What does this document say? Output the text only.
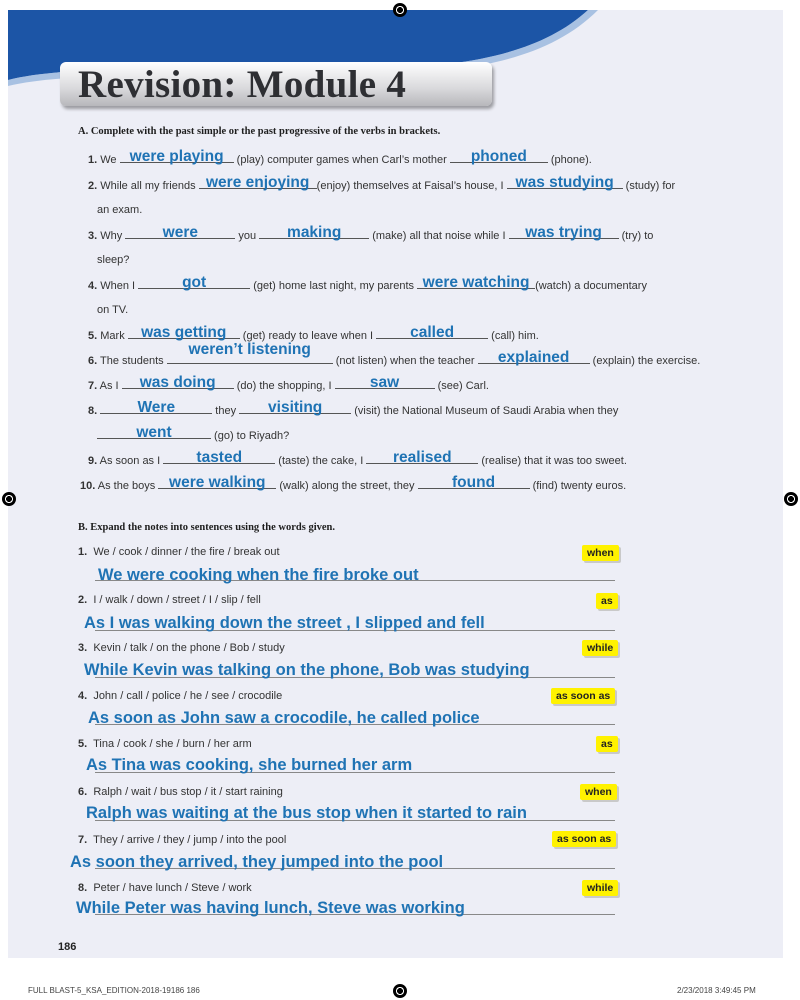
Revision: Module 4
A. Complete with the past simple or the past progressive of the verbs in brackets.
1. We were playing (play) computer games when Carl’s mother	phoned	(phone).
2. While all my friends were enjoying (enjoy) themselves at Faisal’s house, I was studying (study) for
an exam.
3. Why	were	you	making	(make) all that noise while I	was trying	(try) to
sleep?
4. When I	got	(get) home last night, my parents were watching (watch) a documentary
on TV.
5. Mark was getting	(get) ready to leave when I	called	(call) him.
6. The students
weren’t listening
(not listen) when the teacher	explained	(explain) the exercise.
7. As I	was doing	(do) the shopping, I	saw	(see) Carl.
8.	Were	they	visiting	(visit) the National Museum of Saudi Arabia when they
went	(go) to Riyadh?
9. As soon as I	tasted	(taste) the cake, I	realised	(realise) that it was too sweet.
10. As the boys were walking (walk) along the street, they	found	(find) twenty euros.
B. Expand the notes into sentences using the words given.
1. We / cook / dinner / the fire / break out	when
We were cooking when the fire broke out
2. I / walk / down / street / I / slip / fell	as
As I was walking down the street , I slipped and fell
3. Kevin / talk / on the phone / Bob / study	while
While Kevin was talking on the phone, Bob was studying
4. John / call / police / he / see / crocodile	as soon as
As soon as John saw a crocodile, he called police
5. Tina / cook / she / burn / her arm	as
As Tina was cooking, she burned her arm
6. Ralph / wait / bus stop / it / start raining	when
Ralph was waiting at the bus stop when it started to rain
7. They / arrive / they / jump / into the pool	as soon as
As soon they arrived, they jumped into the pool
8. Peter / have lunch / Steve / work	while
While Peter was having lunch, Steve was working
186
FULL BLAST-5_KSA_EDITION-2018-19186 186	2/23/2018 3:49:45 PM
